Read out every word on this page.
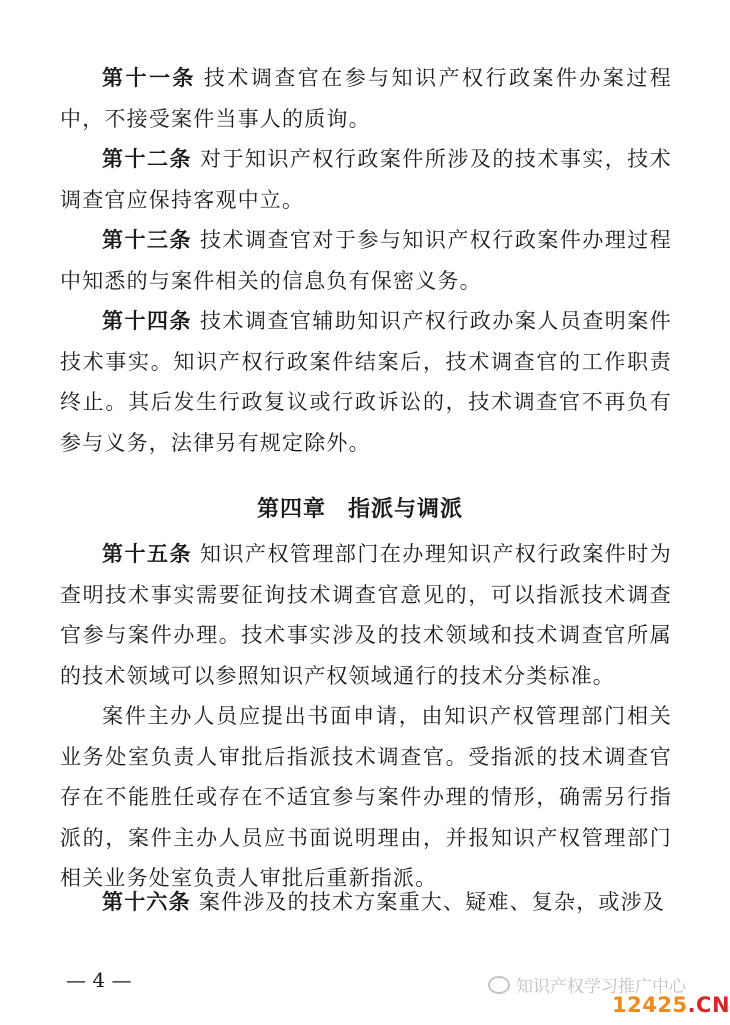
第十一条 技术调查官在参与知识产权行政案件办案过程中，不接受案件当事人的质询。

第十二条 对于知识产权行政案件所涉及的技术事实，技术调查官应保持客观中立。

第十三条 技术调查官对于参与知识产权行政案件办理过程中知悉的与案件相关的信息负有保密义务。

第十四条 技术调查官辅助知识产权行政办案人员查明案件技术事实。知识产权行政案件结案后，技术调查官的工作职责终止。其后发生行政复议或行政诉讼的，技术调查官不再负有参与义务，法律另有规定除外。

第四章 指派与调派

第十五条 知识产权管理部门在办理知识产权行政案件时为查明技术事实需要征询技术调查官意见的，可以指派技术调查官参与案件办理。技术事实涉及的技术领域和技术调查官所属的技术领域可以参照知识产权领域通行的技术分类标准。

案件主办人员应提出书面申请，由知识产权管理部门相关业务处室负责人审批后指派技术调查官。受指派的技术调查官存在不能胜任或存在不适宜参与案件办理的情形，确需另行指派的，案件主办人员应书面说明理由，并报知识产权管理部门相关业务处室负责人审批后重新指派。

第十六条 案件涉及的技术方案重大、疑难、复杂，或涉及

— 4 —	知识产权学习推广中心
12425.CN
